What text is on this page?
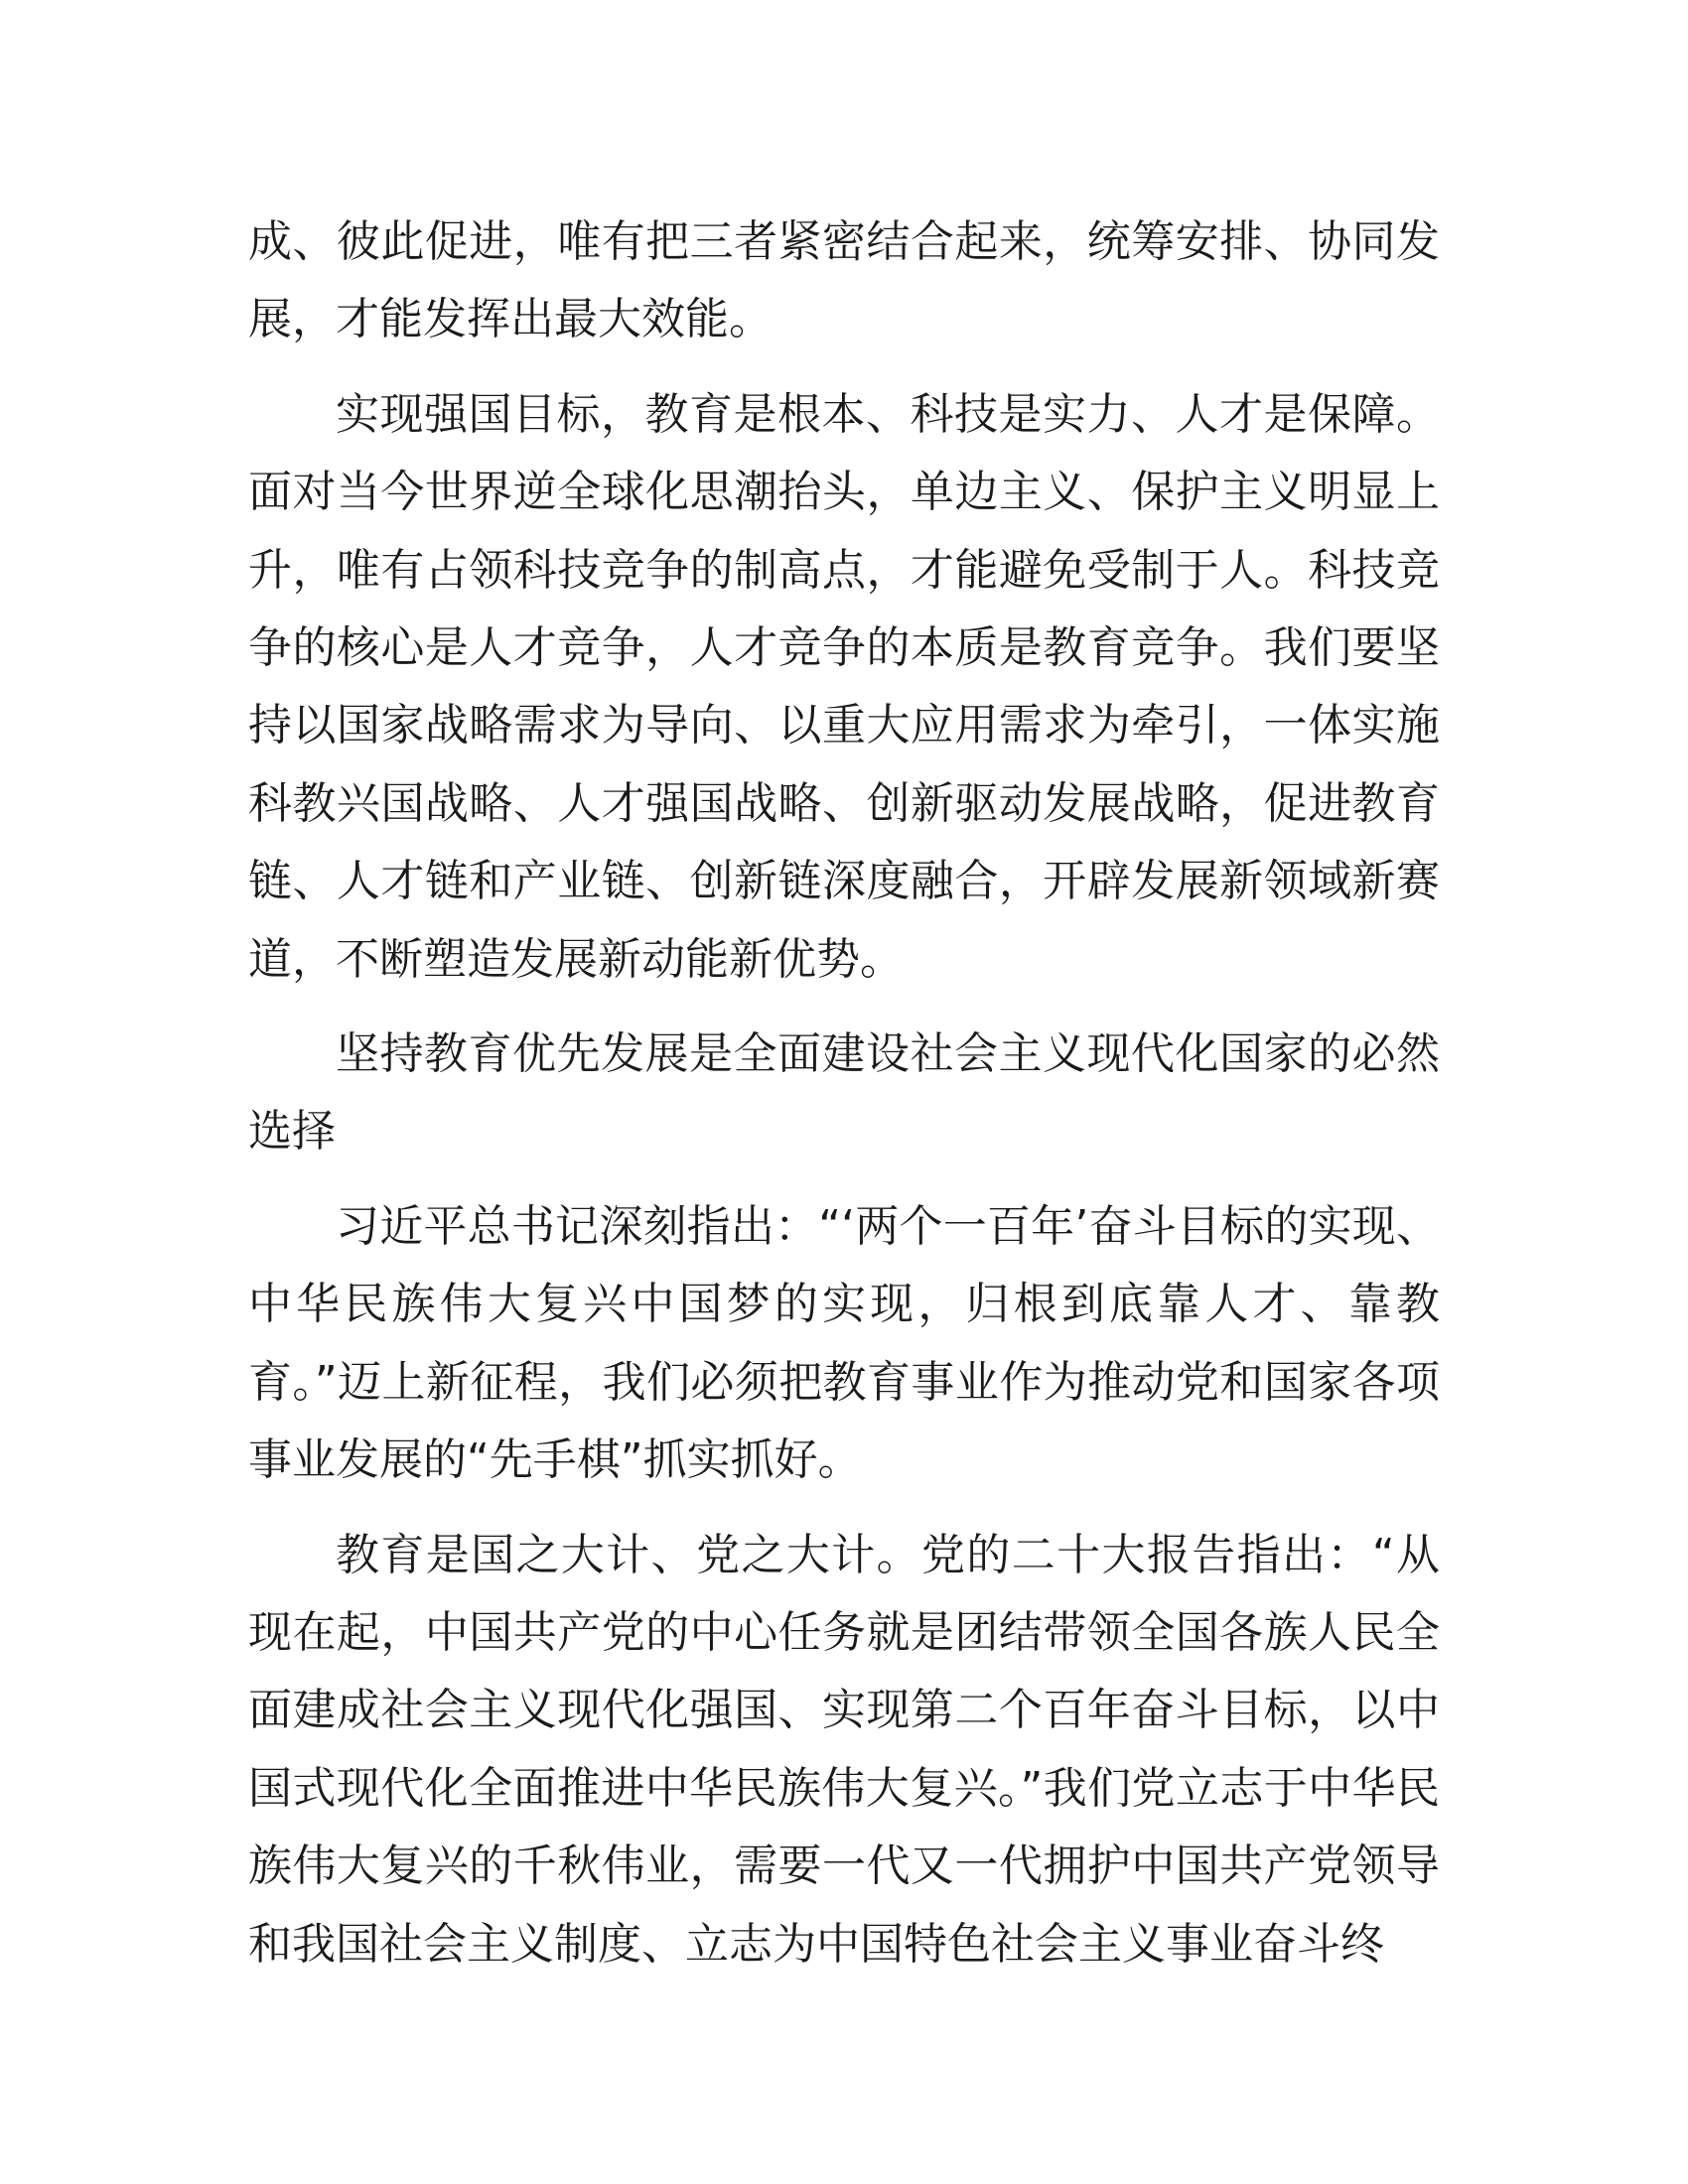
成、彼此促进，唯有把三者紧密结合起来，统筹安排、协同发展，才能发挥出最大效能。

实现强国目标，教育是根本、科技是实力、人才是保障。面对当今世界逆全球化思潮抬头，单边主义、保护主义明显上升，唯有占领科技竞争的制高点，才能避免受制于人。科技竞争的核心是人才竞争，人才竞争的本质是教育竞争。我们要坚持以国家战略需求为导向、以重大应用需求为牵引，一体实施科教兴国战略、人才强国战略、创新驱动发展战略，促进教育链、人才链和产业链、创新链深度融合，开辟发展新领域新赛道，不断塑造发展新动能新优势。

坚持教育优先发展是全面建设社会主义现代化国家的必然选择

习近平总书记深刻指出：“‘两个一百年’奋斗目标的实现、中华民族伟大复兴中国梦的实现，归根到底靠人才、靠教育。”迈上新征程，我们必须把教育事业作为推动党和国家各项事业发展的“先手棋”抓实抓好。

教育是国之大计、党之大计。党的二十大报告指出：“从现在起，中国共产党的中心任务就是团结带领全国各族人民全面建成社会主义现代化强国、实现第二个百年奋斗目标，以中国式现代化全面推进中华民族伟大复兴。”我们党立志于中华民族伟大复兴的千秋伟业，需要一代又一代拥护中国共产党领导和我国社会主义制度、立志为中国特色社会主义事业奋斗终
